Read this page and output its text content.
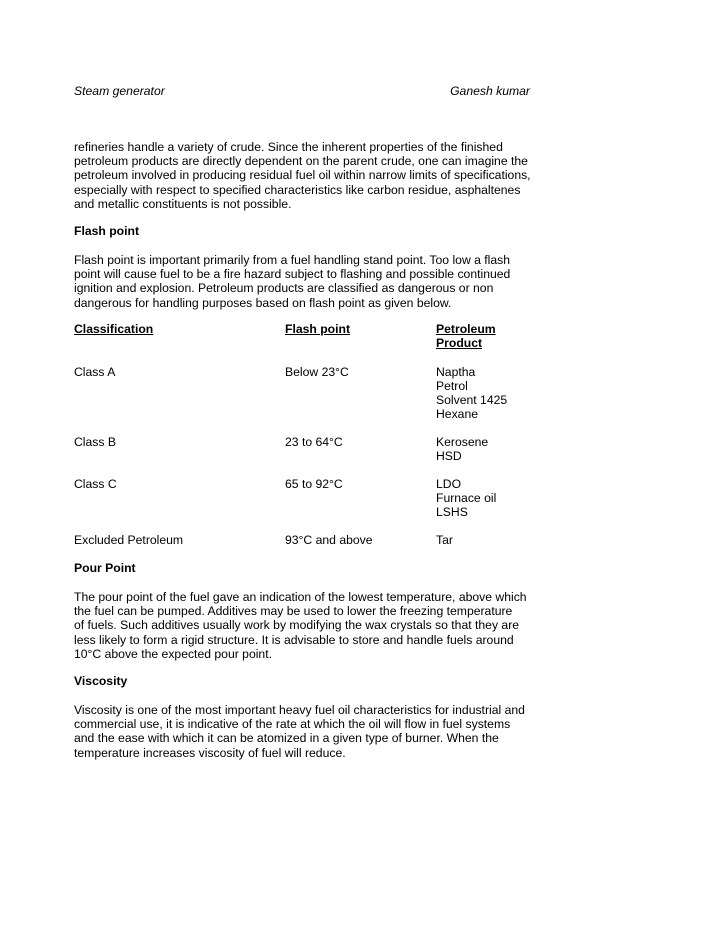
Steam generator	Ganesh kumar

refineries handle a variety of crude. Since the inherent properties of the finished

petroleum products are directly dependent on the parent crude, one can imagine the

petroleum involved in producing residual fuel oil within narrow limits of specifications,

especially with respect to specified characteristics like carbon residue, asphaltenes

and metallic constituents is not possible.

Flash point

Flash point is important primarily from a fuel handling stand point. Too low a flash

point will cause fuel to be a fire hazard subject to flashing and possible continued

ignition and explosion. Petroleum products are classified as dangerous or non

dangerous for handling purposes based on flash point as given below.

Classification	Flash point	Petroleum
Product
Class A	Below 23°C	Naptha
Petrol
Solvent 1425
Hexane
Class B	23 to 64°C	Kerosene
HSD
Class C	65 to 92°C	LDO
Furnace oil
LSHS
Excluded Petroleum	93°C and above	Tar

Pour Point

The pour point of the fuel gave an indication of the lowest temperature, above which

the fuel can be pumped. Additives may be used to lower the freezing temperature

of fuels. Such additives usually work by modifying the wax crystals so that they are

less likely to form a rigid structure. It is advisable to store and handle fuels around

10°C above the expected pour point.

Viscosity

Viscosity is one of the most important heavy fuel oil characteristics for industrial and

commercial use, it is indicative of the rate at which the oil will flow in fuel systems

and the ease with which it can be atomized in a given type of burner. When the

temperature increases viscosity of fuel will reduce.
